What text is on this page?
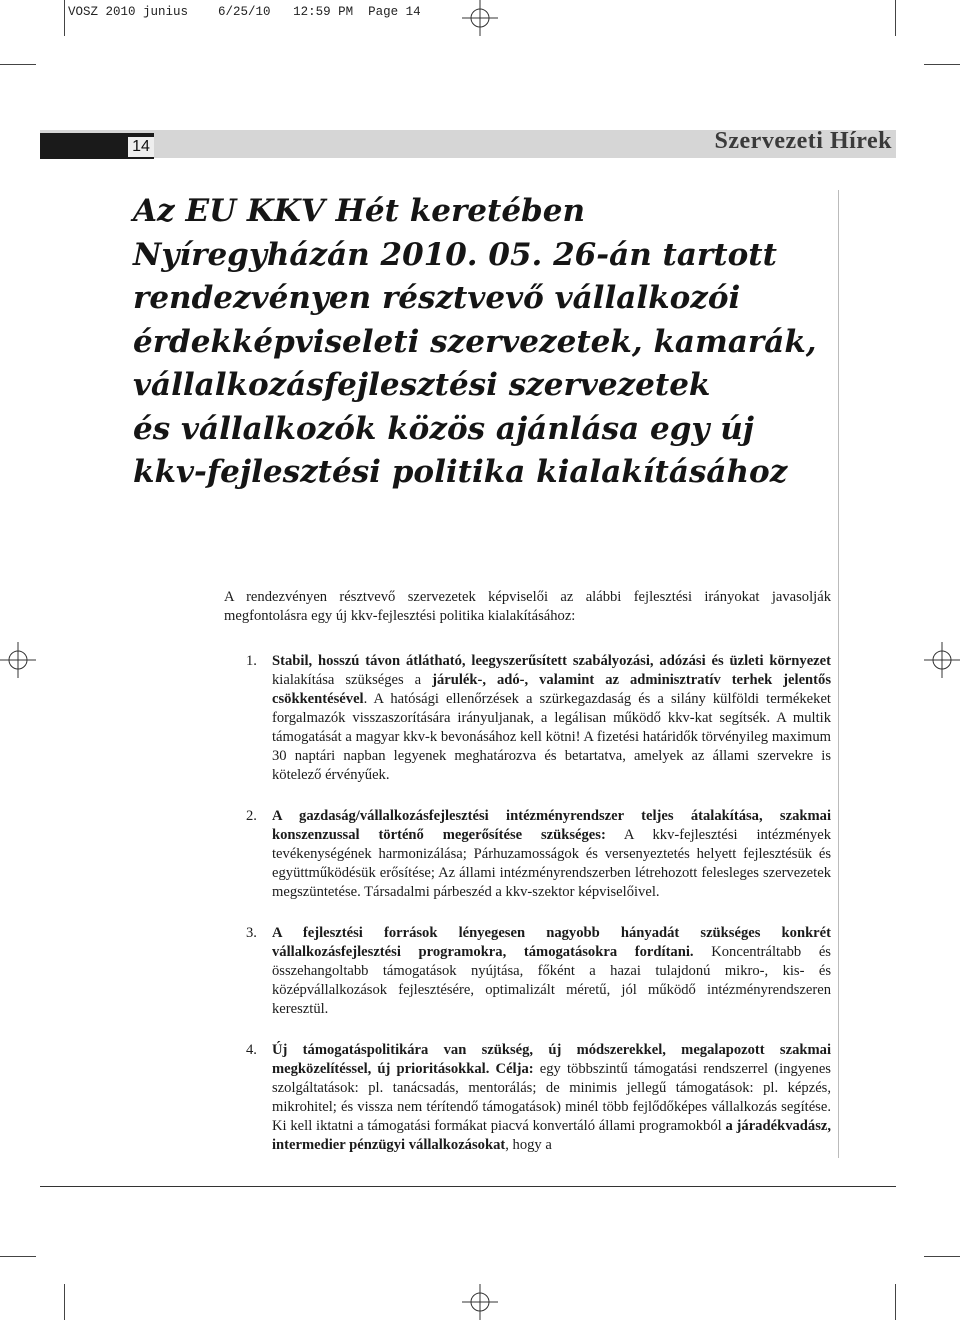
VOSZ 2010 junius 6/25/10 12:59 PM Page 14
14	Szervezeti Hírek
Az EU KKV Hét keretében
Nyíregyházán 2010. 05. 26-án tartott
rendezvényen résztvevő vállalkozói
érdekképviseleti szervezetek, kamarák,
vállalkozásfejlesztési szervezetek
és vállalkozók közös ajánlása egy új
kkv-fejlesztési politika kialakításához

A rendezvényen résztvevő szervezetek képviselői az alábbi fejlesztési irányokat javasolják megfontolásra egy új kkv-fejlesztési politika kialakításához:

1. Stabil, hosszú távon átlátható, leegyszerűsített szabályozási, adózási és üzleti környezet kialakítása szükséges a járulék-, adó-, valamint az adminisztratív terhek jelentős csökkentésével. A hatósági ellenőrzések a szürkegazdaság és a silány külföldi termékeket forgalmazók visszaszorítására irányuljanak, a legálisan működő kkv-kat segítsék. A multik támogatását a magyar kkv-k bevonásához kell kötni! A fizetési határidők törvényileg maximum 30 naptári napban legyenek meghatározva és betartatva, amelyek az állami szervekre is kötelező érvényűek.
2. A gazdaság/vállalkozásfejlesztési intézményrendszer teljes átalakítása, szakmai konszenzussal történő megerősítése szükséges: A kkv-fejlesztési intézmények tevékenységének harmonizálása; Párhuzamosságok és versenyeztetés helyett fejlesztésük és együttműködésük erősítése; Az állami intézményrendszerben létrehozott felesleges szervezetek megszüntetése. Társadalmi párbeszéd a kkv-szektor képviselőivel.
3. A fejlesztési források lényegesen nagyobb hányadát szükséges konkrét vállalkozásfejlesztési programokra, támogatásokra fordítani. Koncentráltabb és összehangoltabb támogatások nyújtása, főként a hazai tulajdonú mikro-, kis- és középvállalkozások fejlesztésére, optimalizált méretű, jól működő intézményrendszeren keresztül.
4. Új támogatáspolitikára van szükség, új módszerekkel, megalapozott szakmai megközelítéssel, új prioritásokkal. Célja: egy többszintű támogatási rendszerrel (ingyenes szolgáltatások: pl. tanácsadás, mentorálás; de minimis jellegű támogatások: pl. képzés, mikrohitel; és vissza nem térítendő támogatások) minél több fejlődőképes vállalkozás segítése. Ki kell iktatni a támogatási formákat piacvá konvertáló állami programokból a járadékvadász, intermedier pénzügyi vállalkozásokat, hogy a
